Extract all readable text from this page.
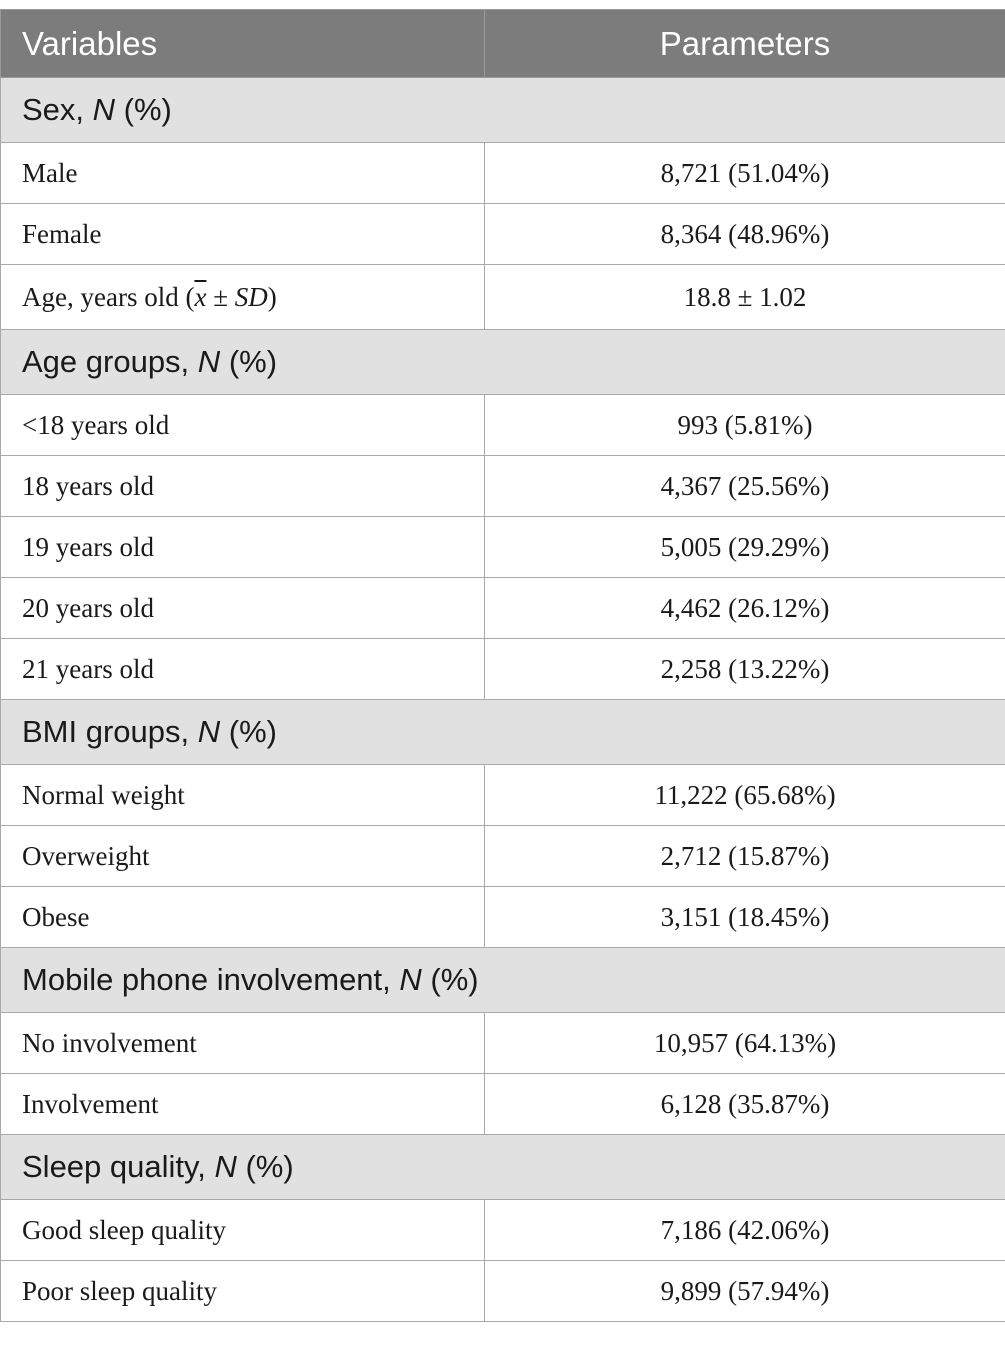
Variables	Parameters
Sex, N (%)	
Male	8,721 (51.04%)
Female	8,364 (48.96%)
Age, years old $(\overline{x} \pm SD)$	18.8 ± 1.02
Age groups, N (%)	
<18 years old	993 (5.81%)
18 years old	4,367 (25.56%)
19 years old	5,005 (29.29%)
20 years old	4,462 (26.12%)
21 years old	2,258 (13.22%)
BMI groups, N (%)	
Normal weight	11,222 (65.68%)
Overweight	2,712 (15.87%)
Obese	3,151 (18.45%)
Mobile phone involvement, N (%)	
No involvement	10,957 (64.13%)
Involvement	6,128 (35.87%)
Sleep quality, N (%)	
Good sleep quality	7,186 (42.06%)
Poor sleep quality	9,899 (57.94%)
